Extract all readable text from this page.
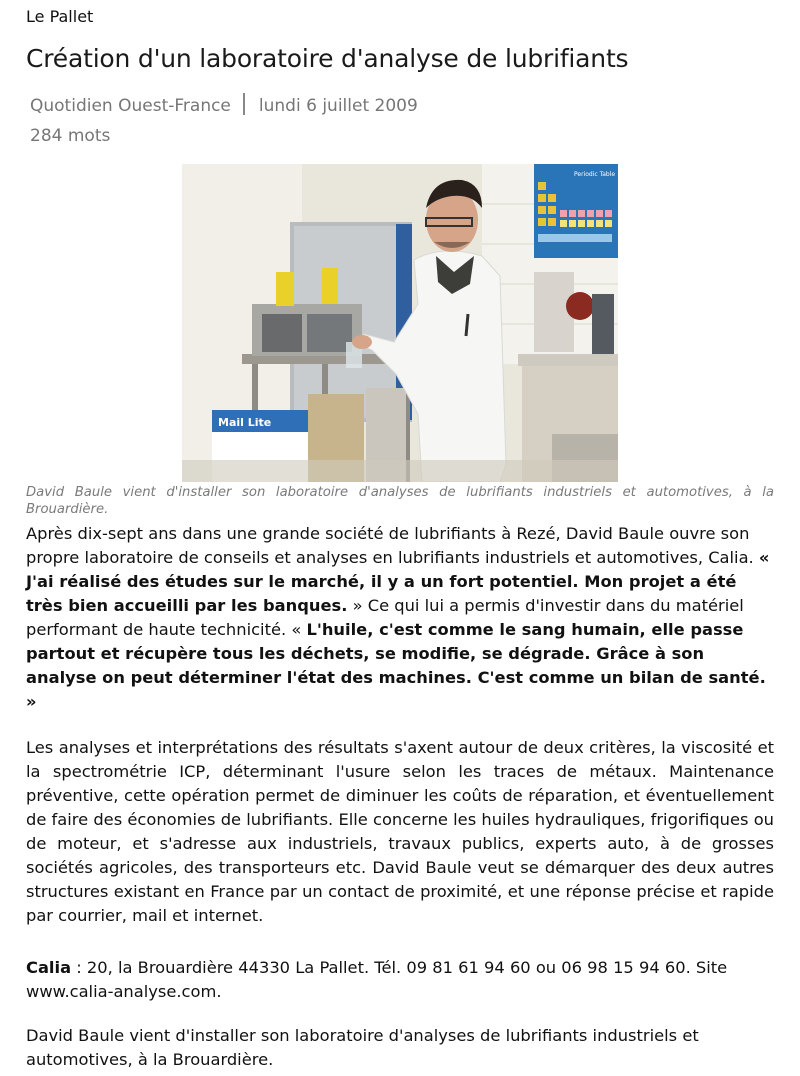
Le Pallet
Création d'un laboratoire d'analyse de lubrifiants
Quotidien Ouest-France lundi 6 juillet 2009
284 mots
Periodic Table
Mail Lite
David Baule vient d'installer son laboratoire d'analyses de lubrifiants industriels et automotives, à la Brouardière.

Après dix-sept ans dans une grande société de lubrifiants à Rezé, David Baule ouvre son propre laboratoire de conseils et analyses en lubrifiants industriels et automotives, Calia. « J'ai réalisé des études sur le marché, il y a un fort potentiel. Mon projet a été très bien accueilli par les banques. » Ce qui lui a permis d'investir dans du matériel performant de haute technicité. « L'huile, c'est comme le sang humain, elle passe partout et récupère tous les déchets, se modifie, se dégrade. Grâce à son analyse on peut déterminer l'état des machines. C'est comme un bilan de santé. »

Les analyses et interprétations des résultats s'axent autour de deux critères, la viscosité et la spectrométrie ICP, déterminant l'usure selon les traces de métaux. Maintenance préventive, cette opération permet de diminuer les coûts de réparation, et éventuellement de faire des économies de lubrifiants. Elle concerne les huiles hydrauliques, frigorifiques ou de moteur, et s'adresse aux industriels, travaux publics, experts auto, à de grosses sociétés agricoles, des transporteurs etc. David Baule veut se démarquer des deux autres structures existant en France par un contact de proximité, et une réponse précise et rapide par courrier, mail et internet.

Calia : 20, la Brouardière 44330 La Pallet. Tél. 09 81 61 94 60 ou 06 98 15 94 60. Site www.calia-analyse.com.

David Baule vient d'installer son laboratoire d'analyses de lubrifiants industriels et automotives, à la Brouardière.
